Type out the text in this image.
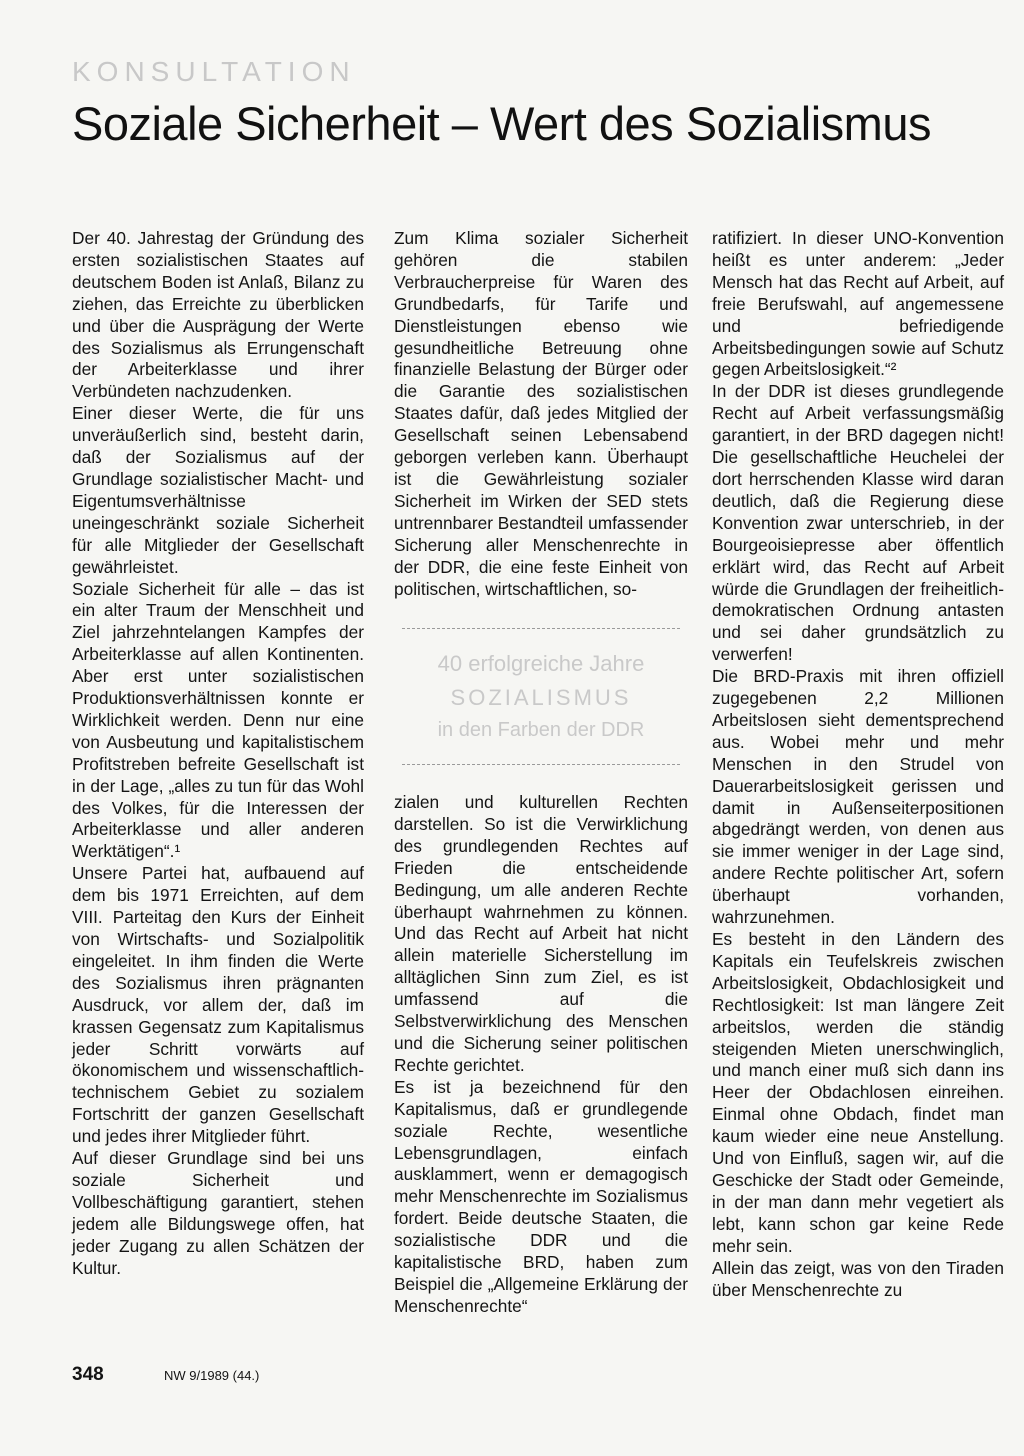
KONSULTATION
Soziale Sicherheit – Wert des Sozialismus

Der 40. Jahrestag der Gründung des ersten sozialistischen Staates auf deutschem Boden ist Anlaß, Bilanz zu ziehen, das Erreichte zu überblicken und über die Ausprägung der Werte des Sozialismus als Errungenschaft der Arbeiterklasse und ihrer Verbündeten nachzudenken.

Einer dieser Werte, die für uns unveräußerlich sind, besteht darin, daß der Sozialismus auf der Grundlage sozialistischer Macht- und Eigentumsverhältnisse uneingeschränkt soziale Sicherheit für alle Mitglieder der Gesellschaft gewährleistet.

Soziale Sicherheit für alle – das ist ein alter Traum der Menschheit und Ziel jahrzehntelangen Kampfes der Arbeiterklasse auf allen Kontinenten. Aber erst unter sozialistischen Produktionsverhältnissen konnte er Wirklichkeit werden. Denn nur eine von Ausbeutung und kapitalistischem Profitstreben befreite Gesellschaft ist in der Lage, „alles zu tun für das Wohl des Volkes, für die Interessen der Arbeiterklasse und aller anderen Werktätigen“.¹

Unsere Partei hat, aufbauend auf dem bis 1971 Erreichten, auf dem VIII. Parteitag den Kurs der Einheit von Wirtschafts- und Sozialpolitik eingeleitet. In ihm finden die Werte des Sozialismus ihren prägnanten Ausdruck, vor allem der, daß im krassen Gegensatz zum Kapitalismus jeder Schritt vorwärts auf ökonomischem und wissenschaftlich-technischem Gebiet zu sozialem Fortschritt der ganzen Gesellschaft und jedes ihrer Mitglieder führt.

Auf dieser Grundlage sind bei uns soziale Sicherheit und Vollbeschäftigung garantiert, stehen jedem alle Bildungswege offen, hat jeder Zugang zu allen Schätzen der Kultur.

Zum Klima sozialer Sicherheit gehören die stabilen Verbraucherpreise für Waren des Grundbedarfs, für Tarife und Dienstleistungen ebenso wie gesundheitliche Betreuung ohne finanzielle Belastung der Bürger oder die Garantie des sozialistischen Staates dafür, daß jedes Mitglied der Gesellschaft seinen Lebensabend geborgen verleben kann. Überhaupt ist die Gewährleistung sozialer Sicherheit im Wirken der SED stets untrennbarer Bestandteil umfassender Sicherung aller Menschenrechte in der DDR, die eine feste Einheit von politischen, wirtschaftlichen, so-

40 erfolgreiche Jahre
SOZIALISMUS
in den Farben der DDR

zialen und kulturellen Rechten darstellen. So ist die Verwirklichung des grundlegenden Rechtes auf Frieden die entscheidende Bedingung, um alle anderen Rechte überhaupt wahrnehmen zu können. Und das Recht auf Arbeit hat nicht allein materielle Sicherstellung im alltäglichen Sinn zum Ziel, es ist umfassend auf die Selbstverwirklichung des Menschen und die Sicherung seiner politischen Rechte gerichtet.

Es ist ja bezeichnend für den Kapitalismus, daß er grundlegende soziale Rechte, wesentliche Lebensgrundlagen, einfach ausklammert, wenn er demagogisch mehr Menschenrechte im Sozialismus fordert. Beide deutsche Staaten, die sozialistische DDR und die kapitalistische BRD, haben zum Beispiel die „Allgemeine Erklärung der Menschenrechte“

ratifiziert. In dieser UNO-Konvention heißt es unter anderem: „Jeder Mensch hat das Recht auf Arbeit, auf freie Berufswahl, auf angemessene und befriedigende Arbeitsbedingungen sowie auf Schutz gegen Arbeitslosigkeit.“²

In der DDR ist dieses grundlegende Recht auf Arbeit verfassungsmäßig garantiert, in der BRD dagegen nicht! Die gesellschaftliche Heuchelei der dort herrschenden Klasse wird daran deutlich, daß die Regierung diese Konvention zwar unterschrieb, in der Bourgeoisiepresse aber öffentlich erklärt wird, das Recht auf Arbeit würde die Grundlagen der freiheitlich-demokratischen Ordnung antasten und sei daher grundsätzlich zu verwerfen!

Die BRD-Praxis mit ihren offiziell zugegebenen 2,2 Millionen Arbeitslosen sieht dementsprechend aus. Wobei mehr und mehr Menschen in den Strudel von Dauerarbeitslosigkeit gerissen und damit in Außenseiterpositionen abgedrängt werden, von denen aus sie immer weniger in der Lage sind, andere Rechte politischer Art, sofern überhaupt vorhanden, wahrzunehmen.

Es besteht in den Ländern des Kapitals ein Teufelskreis zwischen Arbeitslosigkeit, Obdachlosigkeit und Rechtlosigkeit: Ist man längere Zeit arbeitslos, werden die ständig steigenden Mieten unerschwinglich, und manch einer muß sich dann ins Heer der Obdachlosen einreihen. Einmal ohne Obdach, findet man kaum wieder eine neue Anstellung. Und von Einfluß, sagen wir, auf die Geschicke der Stadt oder Gemeinde, in der man dann mehr vegetiert als lebt, kann schon gar keine Rede mehr sein.

Allein das zeigt, was von den Tiraden über Menschenrechte zu

348	NW 9/1989 (44.)
